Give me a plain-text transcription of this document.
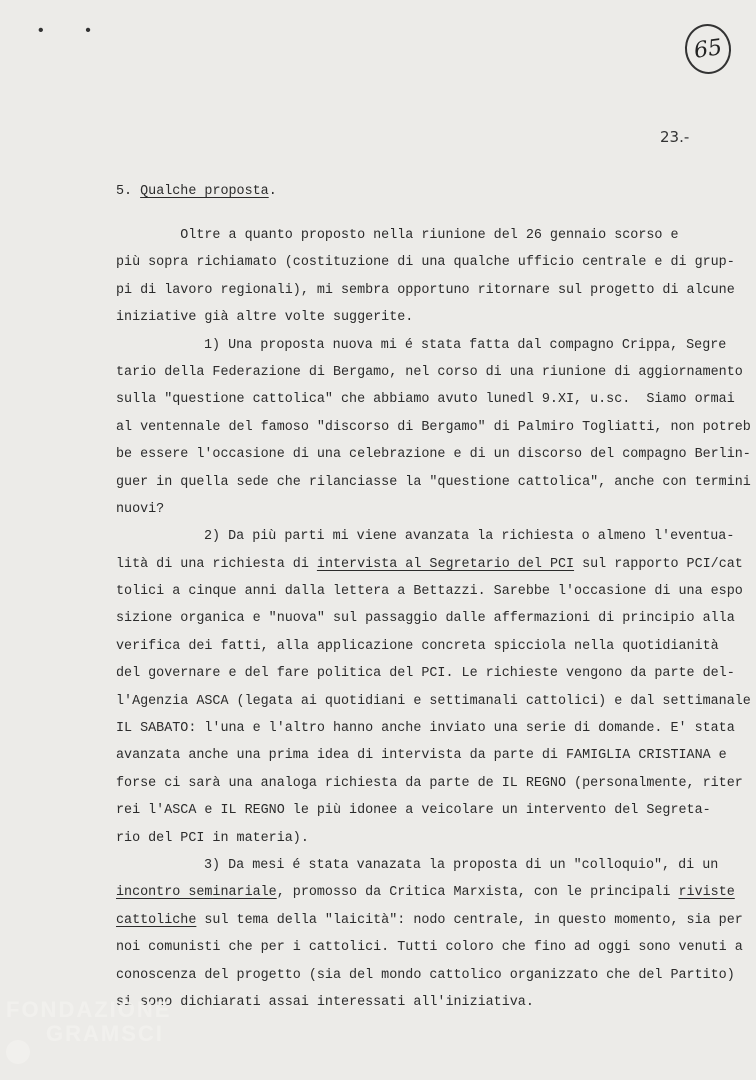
• •
65
23.-
5. Qualche proposta.
Oltre a quanto proposto nella riunione del 26 gennaio scorso e
più sopra richiamato (costituzione di una qualche ufficio centrale e di grup-
pi di lavoro regionali), mi sembra opportuno ritornare sul progetto di alcune
iniziative già altre volte suggerite.
1) Una proposta nuova mi é stata fatta dal compagno Crippa, Segre
tario della Federazione di Bergamo, nel corso di una riunione di aggiornamento
sulla "questione cattolica" che abbiamo avuto lunedl 9.XI, u.sc.  Siamo ormai
al ventennale del famoso "discorso di Bergamo" di Palmiro Togliatti, non potreb
be essere l'occasione di una celebrazione e di un discorso del compagno Berlin-
guer in quella sede che rilanciasse la "questione cattolica", anche con termini
nuovi?
2) Da più parti mi viene avanzata la richiesta o almeno l'eventua-
lità di una richiesta di intervista al Segretario del PCI sul rapporto PCI/cat
tolici a cinque anni dalla lettera a Bettazzi. Sarebbe l'occasione di una espo
sizione organica e "nuova" sul passaggio dalle affermazioni di principio alla
verifica dei fatti, alla applicazione concreta spicciola nella quotidianità
del governare e del fare politica del PCI. Le richieste vengono da parte del-
l'Agenzia ASCA (legata ai quotidiani e settimanali cattolici) e dal settimanale
IL SABATO: l'una e l'altro hanno anche inviato una serie di domande. E' stata
avanzata anche una prima idea di intervista da parte di FAMIGLIA CRISTIANA e
forse ci sarà una analoga richiesta da parte de IL REGNO (personalmente, riter
rei l'ASCA e IL REGNO le più idonee a veicolare un intervento del Segreta-
rio del PCI in materia).
3) Da mesi é stata vanazata la proposta di un "colloquio", di un
incontro seminariale, promosso da Critica Marxista, con le principali riviste
cattoliche sul tema della "laicità": nodo centrale, in questo momento, sia per
noi comunisti che per i cattolici. Tutti coloro che fino ad oggi sono venuti a
conoscenza del progetto (sia del mondo cattolico organizzato che del Partito)
si sono dichiarati assai interessati all'iniziativa.
FONDAZIONE
GRAMSCI
